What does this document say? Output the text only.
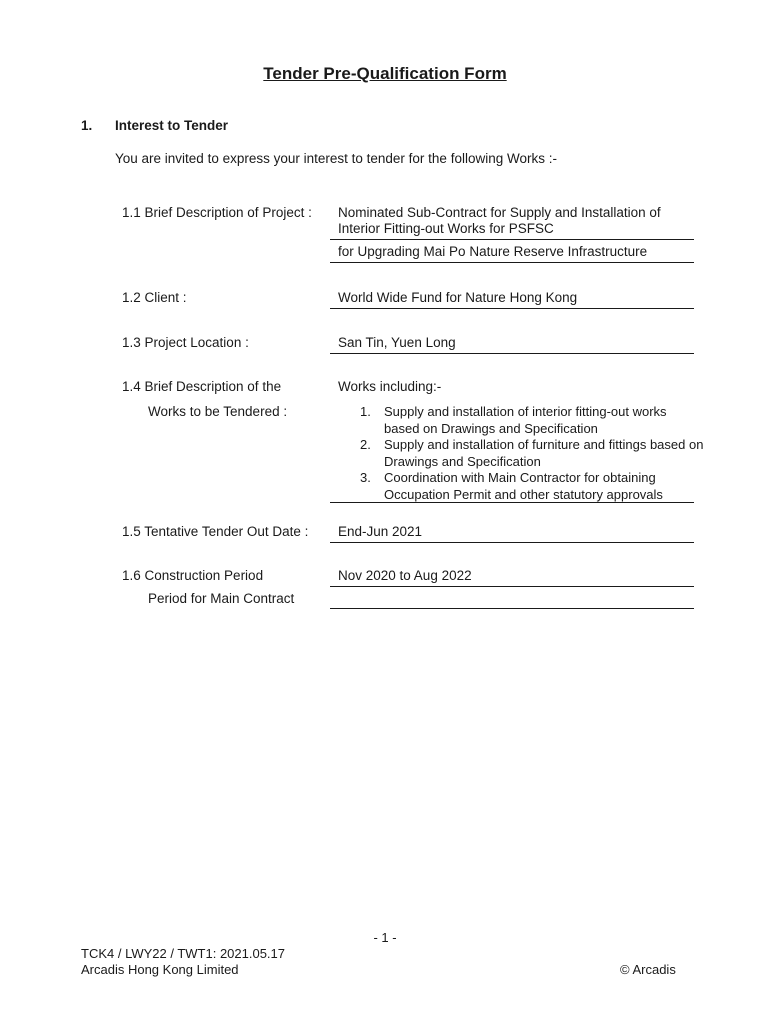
Tender Pre-Qualification Form
1. Interest to Tender
You are invited to express your interest to tender for the following Works :-
1.1 Brief Description of Project : Nominated Sub-Contract for Supply and Installation of
Interior Fitting-out Works for PSFSC
for Upgrading Mai Po Nature Reserve Infrastructure
1.2 Client :	World Wide Fund for Nature Hong Kong
1.3 Project Location :	San Tin, Yuen Long
1.4 Brief Description of the
Works to be Tendered :
Works including:-
1. Supply and installation of interior fitting-out works based on Drawings and Specification
2. Supply and installation of furniture and fittings based on Drawings and Specification
3. Coordination with Main Contractor for obtaining Occupation Permit and other statutory approvals
1.5 Tentative Tender Out Date : End-Jun 2021
1.6 Construction Period
Period for Main Contract
Nov 2020 to Aug 2022
- 1 -
TCK4 / LWY22 / TWT1: 2021.05.17
Arcadis Hong Kong Limited	© Arcadis
